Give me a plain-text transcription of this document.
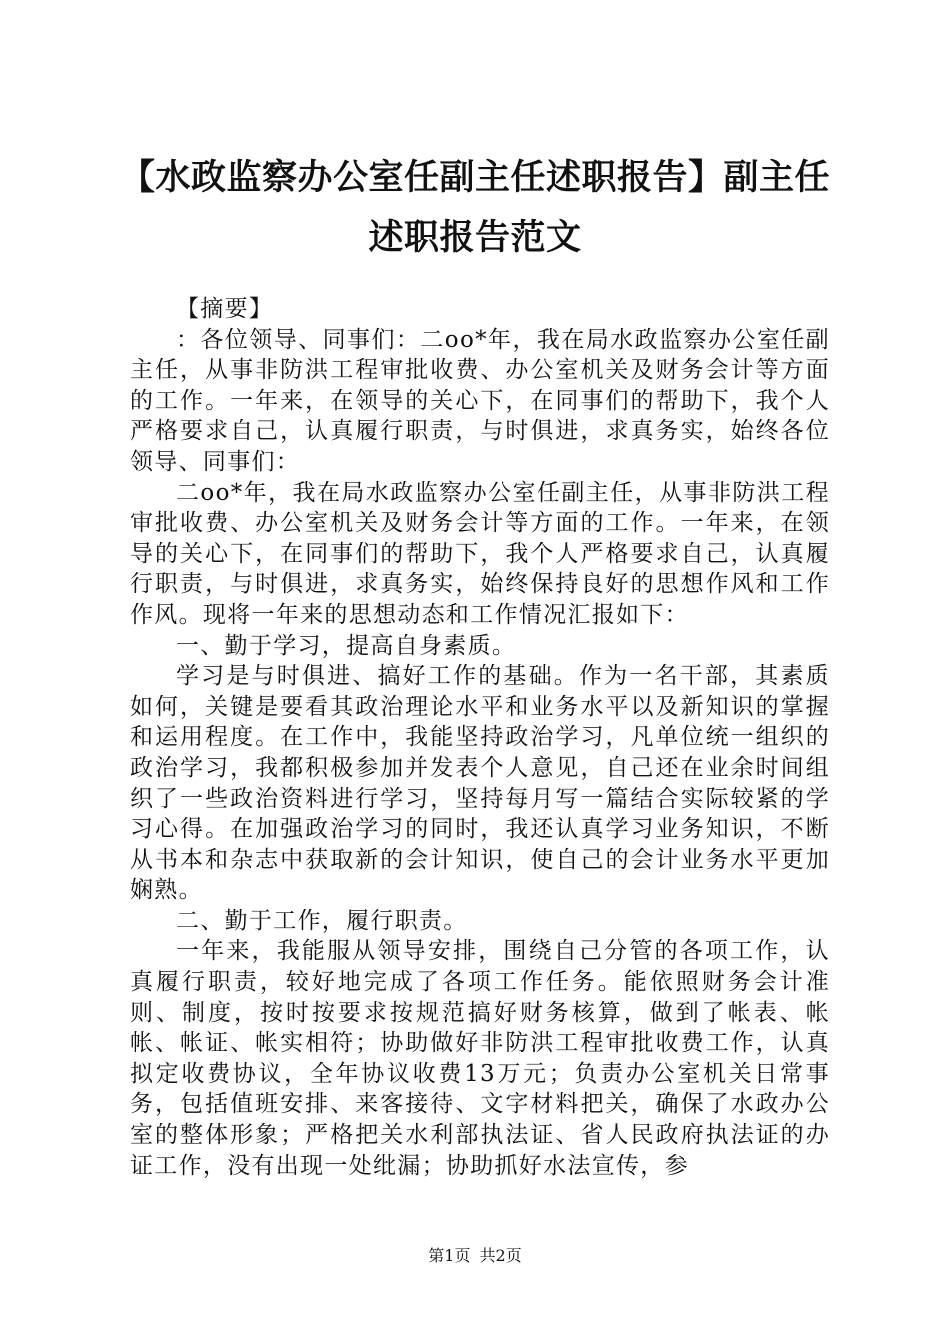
【水政监察办公室任副主任述职报告】副主任
述职报告范文

【摘要】

：各位领导、同事们：二oo*年，我在局水政监察办公室任副主任，从事非防洪工程审批收费、办公室机关及财务会计等方面的工作。一年来，在领导的关心下，在同事们的帮助下，我个人严格要求自己，认真履行职责，与时俱进，求真务实，始终各位领导、同事们：

二oo*年，我在局水政监察办公室任副主任，从事非防洪工程审批收费、办公室机关及财务会计等方面的工作。一年来，在领导的关心下，在同事们的帮助下，我个人严格要求自己，认真履行职责，与时俱进，求真务实，始终保持良好的思想作风和工作作风。现将一年来的思想动态和工作情况汇报如下：

一、勤于学习，提高自身素质。

学习是与时俱进、搞好工作的基础。作为一名干部，其素质如何，关键是要看其政治理论水平和业务水平以及新知识的掌握和运用程度。在工作中，我能坚持政治学习，凡单位统一组织的政治学习，我都积极参加并发表个人意见，自己还在业余时间组织了一些政治资料进行学习，坚持每月写一篇结合实际较紧的学习心得。在加强政治学习的同时，我还认真学习业务知识，不断从书本和杂志中获取新的会计知识，使自己的会计业务水平更加娴熟。

二、勤于工作，履行职责。

一年来，我能服从领导安排，围绕自己分管的各项工作，认真履行职责，较好地完成了各项工作任务。能依照财务会计准则、制度，按时按要求按规范搞好财务核算，做到了帐表、帐帐、帐证、帐实相符；协助做好非防洪工程审批收费工作，认真拟定收费协议，全年协议收费13万元；负责办公室机关日常事务，包括值班安排、来客接待、文字材料把关，确保了水政办公室的整体形象；严格把关水利部执法证、省人民政府执法证的办证工作，没有出现一处纰漏；协助抓好水法宣传，参

第1页 共2页
